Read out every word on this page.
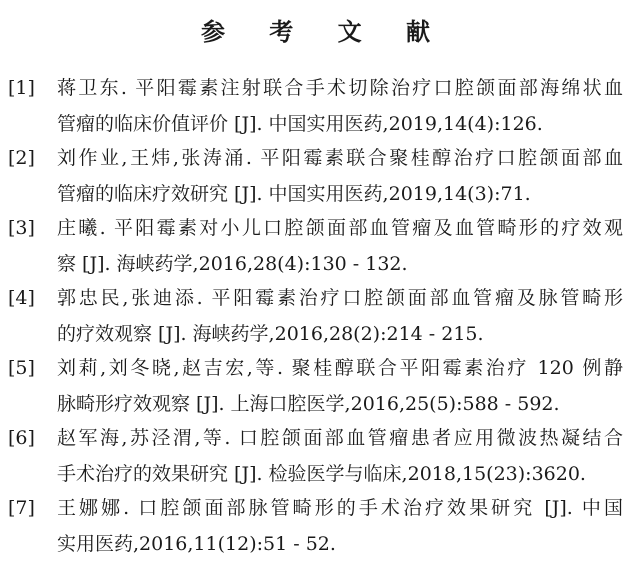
参 考 文 献
[1] 蒋卫东. 平阳霉素注射联合手术切除治疗口腔颌面部海绵状血
管瘤的临床价值评价 [J]. 中国实用医药,2019,14(4):126.
[2] 刘作业,王炜,张涛涌. 平阳霉素联合聚桂醇治疗口腔颌面部血
管瘤的临床疗效研究 [J]. 中国实用医药,2019,14(3):71.
[3] 庄曦. 平阳霉素对小儿口腔颌面部血管瘤及血管畸形的疗效观
察 [J]. 海峡药学,2016,28(4):130 - 132.
[4] 郭忠民,张迪添. 平阳霉素治疗口腔颌面部血管瘤及脉管畸形
的疗效观察 [J]. 海峡药学,2016,28(2):214 - 215.
[5] 刘莉,刘冬晓,赵吉宏,等. 聚桂醇联合平阳霉素治疗 120 例静
脉畸形疗效观察 [J]. 上海口腔医学,2016,25(5):588 - 592.
[6] 赵军海,苏泾渭,等. 口腔颌面部血管瘤患者应用微波热凝结合
手术治疗的效果研究 [J]. 检验医学与临床,2018,15(23):3620.
[7] 王娜娜. 口腔颌面部脉管畸形的手术治疗效果研究 [J]. 中国
实用医药,2016,11(12):51 - 52.
